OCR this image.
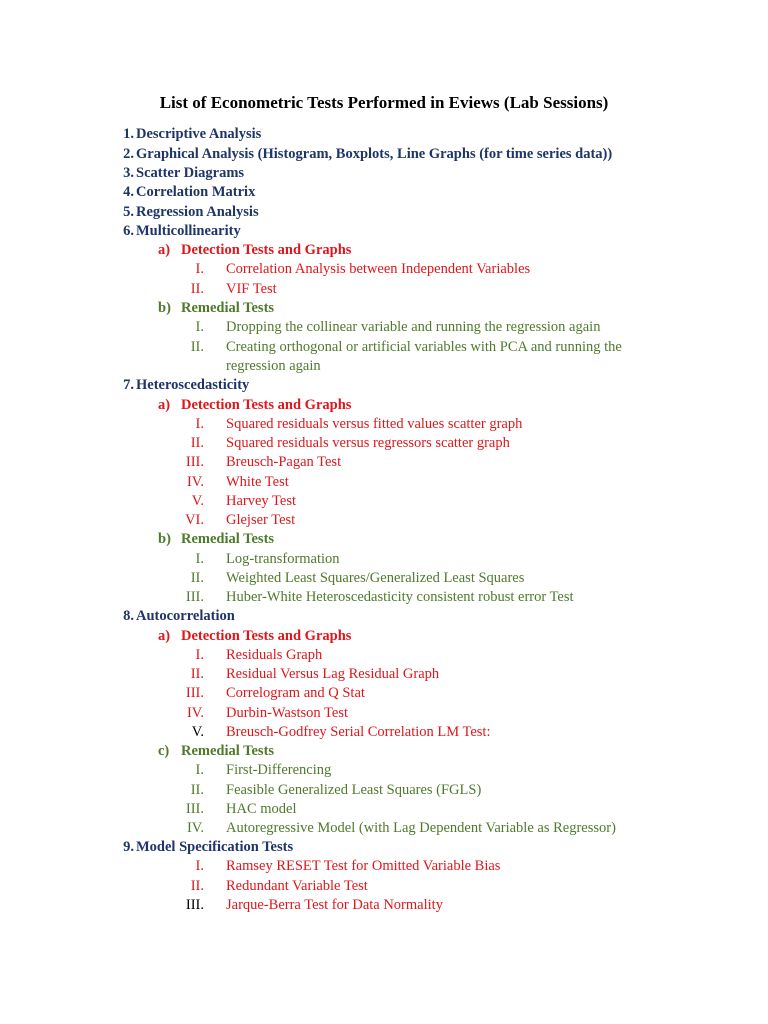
List of Econometric Tests Performed in Eviews (Lab Sessions)
1. Descriptive Analysis
2. Graphical Analysis (Histogram, Boxplots, Line Graphs (for time series data))
3. Scatter Diagrams
4. Correlation Matrix
5. Regression Analysis
6. Multicollinearity
a) Detection Tests and Graphs
I. Correlation Analysis between Independent Variables
II. VIF Test
b) Remedial Tests
I. Dropping the collinear variable and running the regression again
II. Creating orthogonal or artificial variables with PCA and running the
regression again
7. Heteroscedasticity
a) Detection Tests and Graphs
I. Squared residuals versus fitted values scatter graph
II. Squared residuals versus regressors scatter graph
III. Breusch-Pagan Test
IV. White Test
V. Harvey Test
VI. Glejser Test
b) Remedial Tests
I. Log-transformation
II. Weighted Least Squares/Generalized Least Squares
III. Huber-White Heteroscedasticity consistent robust error Test
8. Autocorrelation
a) Detection Tests and Graphs
I. Residuals Graph
II. Residual Versus Lag Residual Graph
III. Correlogram and Q Stat
IV. Durbin-Wastson Test
V. Breusch-Godfrey Serial Correlation LM Test:
c) Remedial Tests
I. First-Differencing
II. Feasible Generalized Least Squares (FGLS)
III. HAC model
IV. Autoregressive Model (with Lag Dependent Variable as Regressor)
9. Model Specification Tests
I. Ramsey RESET Test for Omitted Variable Bias
II. Redundant Variable Test
III. Jarque-Berra Test for Data Normality
